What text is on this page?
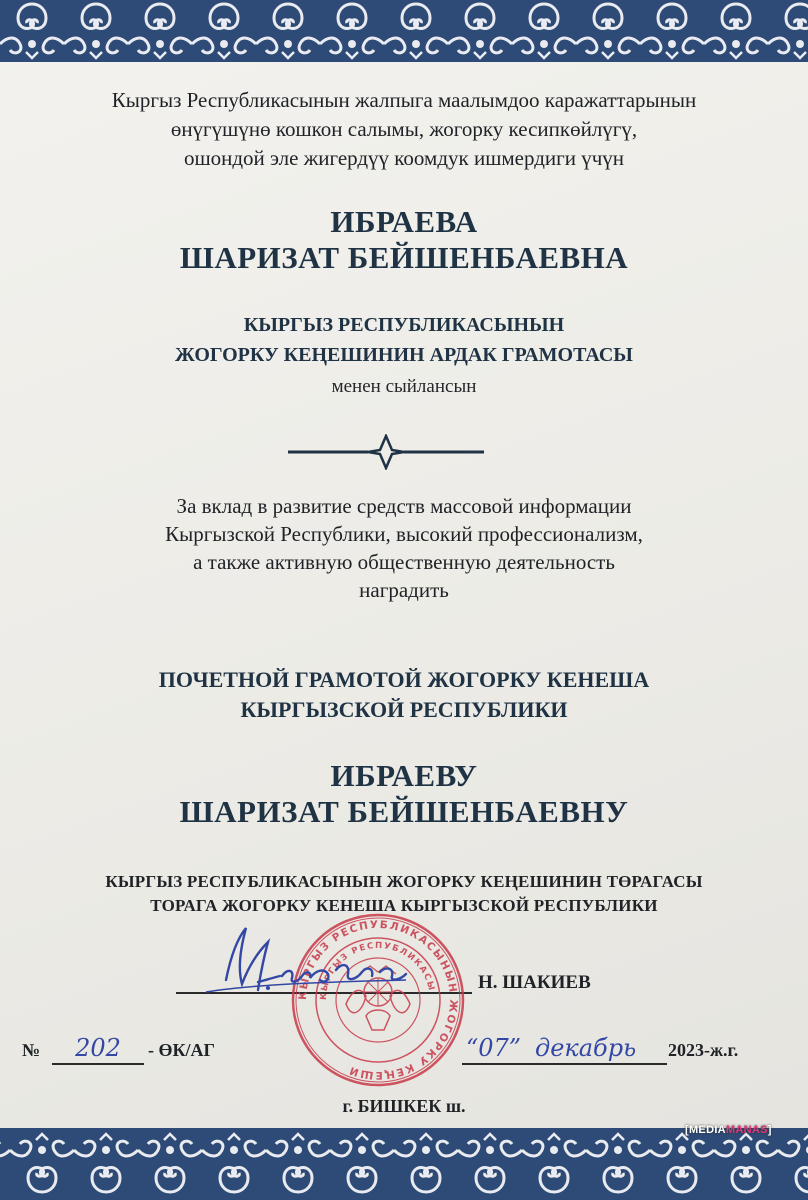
Кыргыз Республикасынын жалпыга маалымдоо каражаттарынын
өнүгүшүнө кошкон салымы, жогорку кесипкөйлүгү,
ошондой эле жигердүү коомдук ишмердиги үчүн
ИБРАЕВА
ШАРИЗАТ БЕЙШЕНБАЕВНА
КЫРГЫЗ РЕСПУБЛИКАСЫНЫН
ЖОГОРКУ КЕҢЕШИНИН АРДАК ГРАМОТАСЫ
менен сыйлансын
За вклад в развитие средств массовой информации
Кыргызской Республики, высокий профессионализм,
а также активную общественную деятельность
наградить
ПОЧЕТНОЙ ГРАМОТОЙ ЖОГОРКУ КЕНЕША
КЫРГЫЗСКОЙ РЕСПУБЛИКИ
ИБРАЕВУ
ШАРИЗАТ БЕЙШЕНБАЕВНУ
КЫРГЫЗ РЕСПУБЛИКАСЫНЫН ЖОГОРКУ КЕҢЕШИНИН ТӨРАГАСЫ
ТОРАГА ЖОГОРКУ КЕНЕША КЫРГЫЗСКОЙ РЕСПУБЛИКИ
Н. ШАКИЕВ
КЫРГЫЗ РЕСПУБЛИКАСЫНЫН ЖОГОРКУ КЕҢЕШИ
КЫРГЫЗ РЕСПУБЛИКАСЫ
№	202	- ӨК/АГ	“07” декабрь 2023-ж.г.
г. БИШКЕК ш.
[MEDIAMANAS]
